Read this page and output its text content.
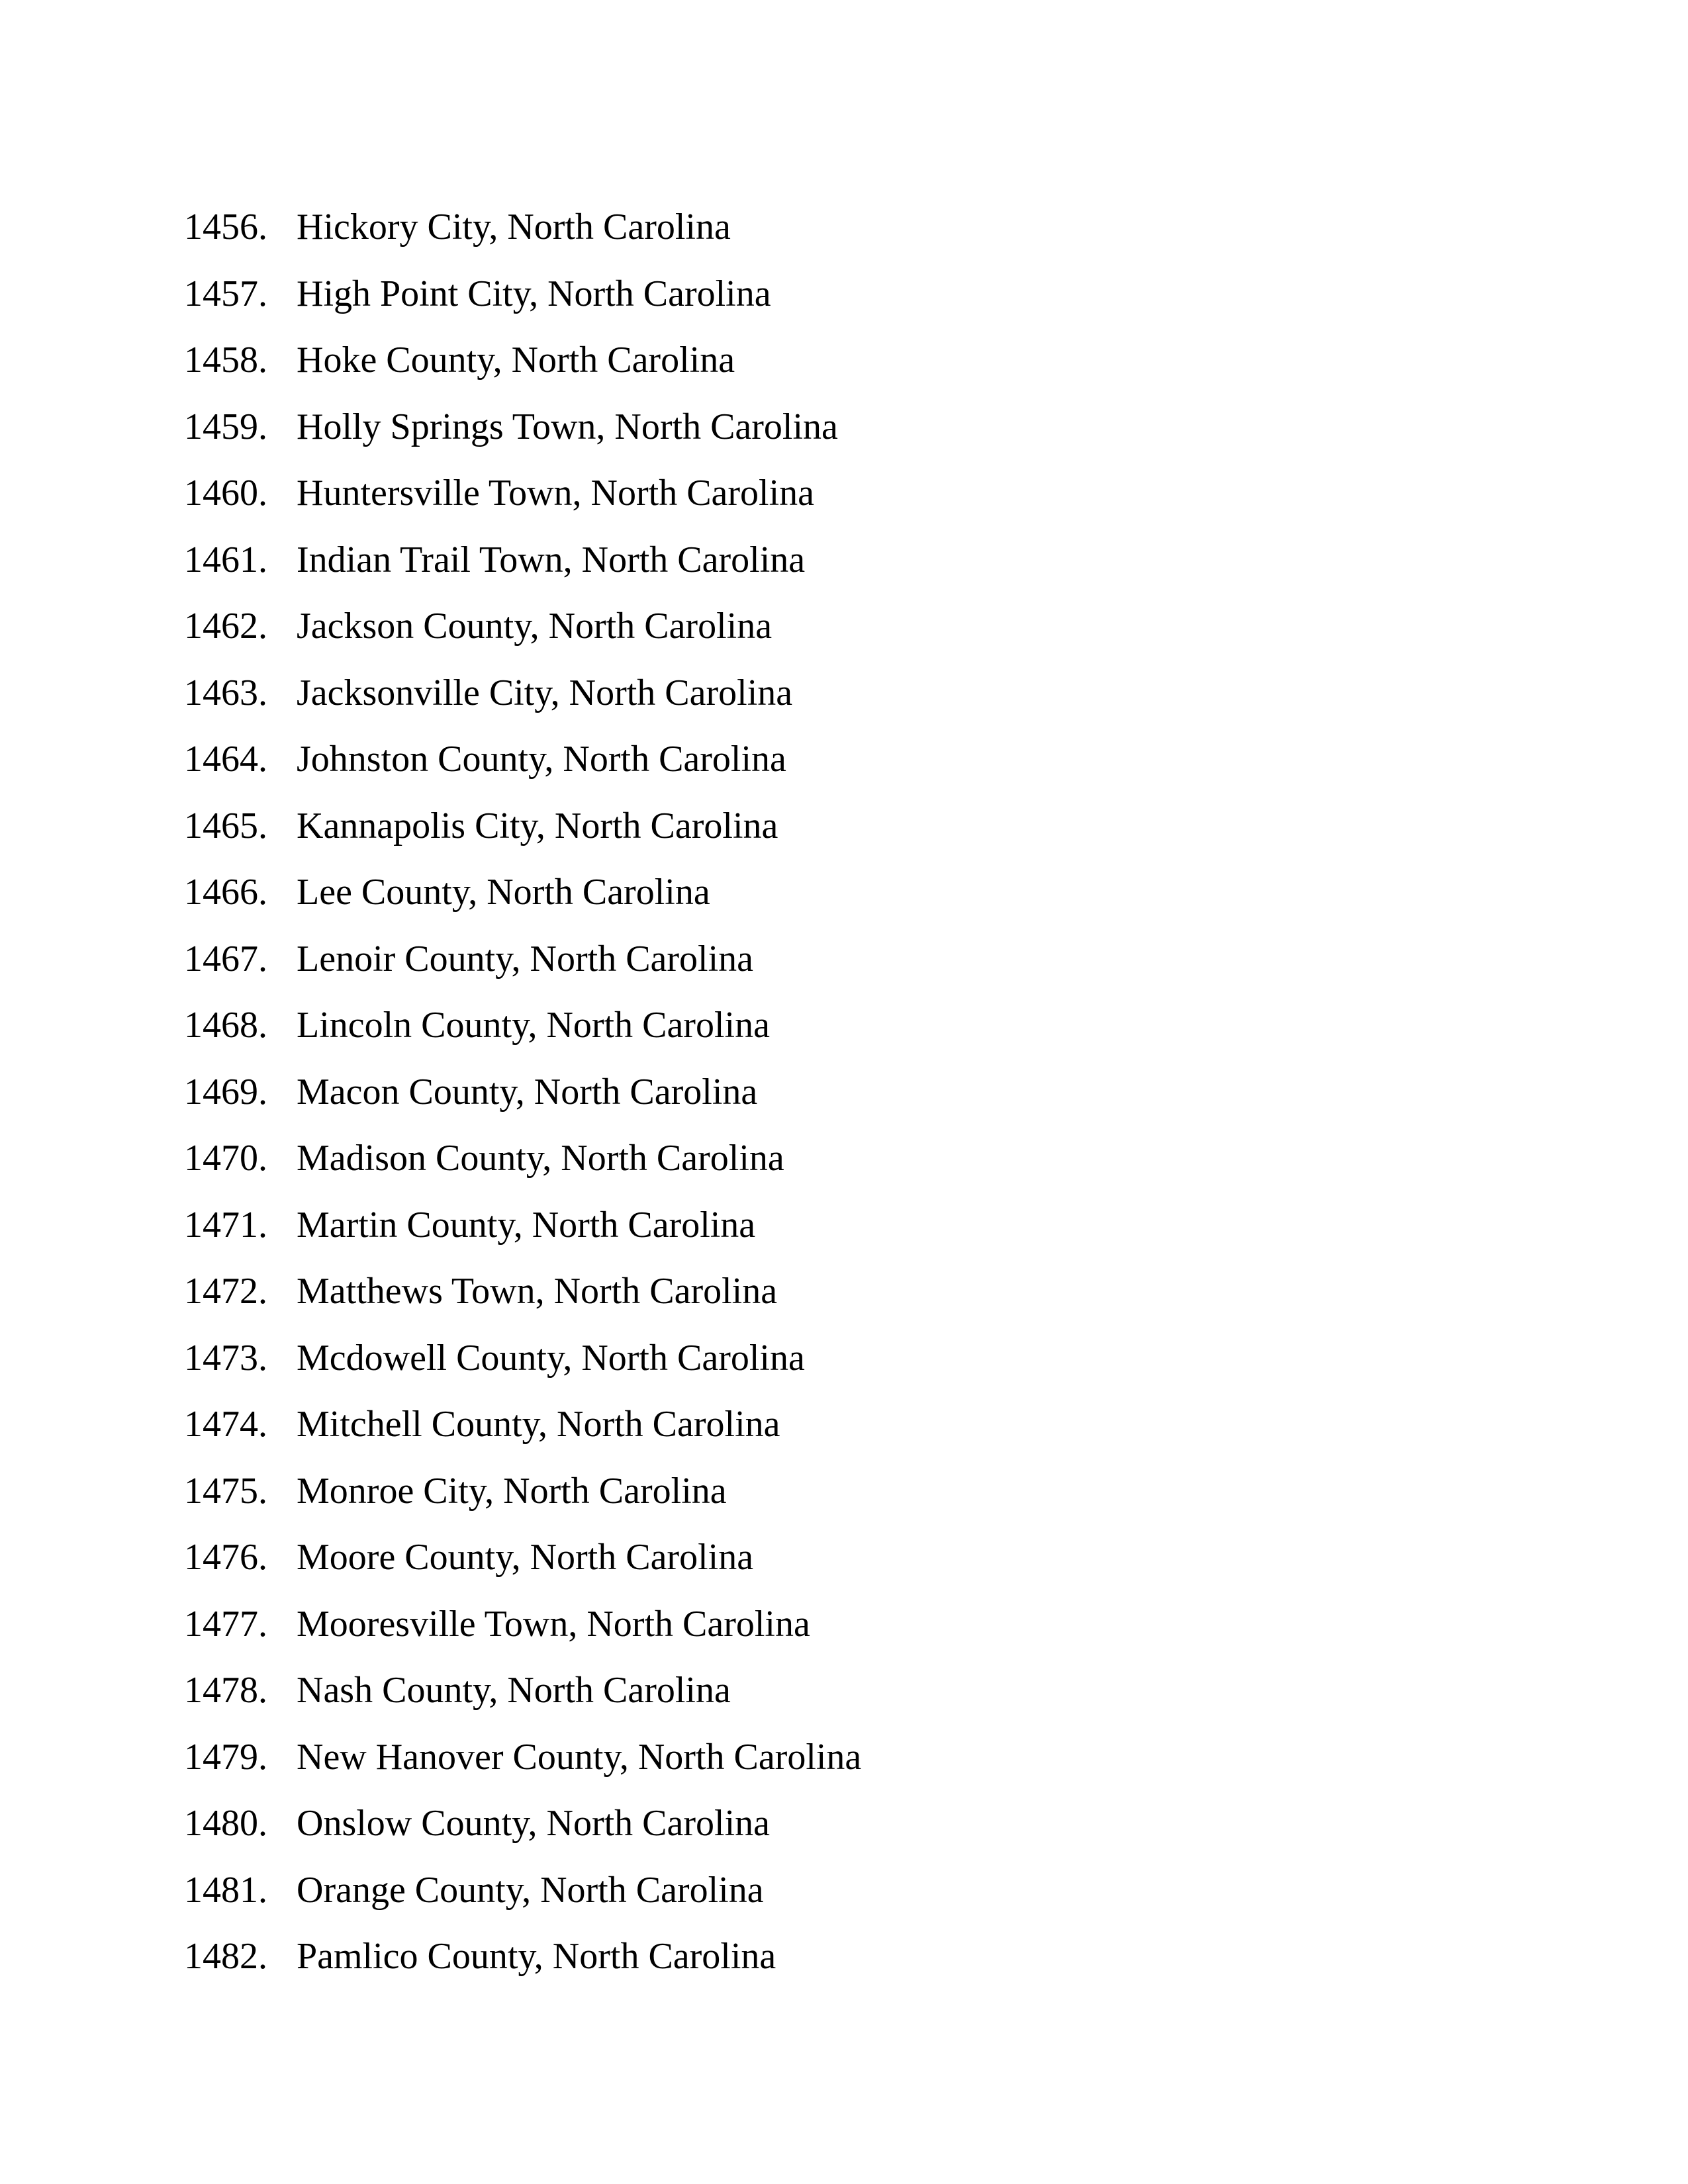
1456. Hickory City, North Carolina
1457. High Point City, North Carolina
1458. Hoke County, North Carolina
1459. Holly Springs Town, North Carolina
1460. Huntersville Town, North Carolina
1461. Indian Trail Town, North Carolina
1462. Jackson County, North Carolina
1463. Jacksonville City, North Carolina
1464. Johnston County, North Carolina
1465. Kannapolis City, North Carolina
1466. Lee County, North Carolina
1467. Lenoir County, North Carolina
1468. Lincoln County, North Carolina
1469. Macon County, North Carolina
1470. Madison County, North Carolina
1471. Martin County, North Carolina
1472. Matthews Town, North Carolina
1473. Mcdowell County, North Carolina
1474. Mitchell County, North Carolina
1475. Monroe City, North Carolina
1476. Moore County, North Carolina
1477. Mooresville Town, North Carolina
1478. Nash County, North Carolina
1479. New Hanover County, North Carolina
1480. Onslow County, North Carolina
1481. Orange County, North Carolina
1482. Pamlico County, North Carolina
